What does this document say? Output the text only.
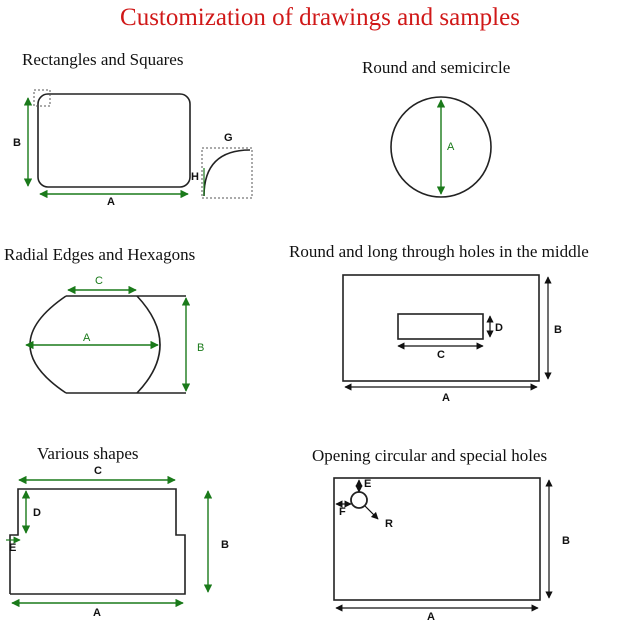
Customization of drawings and samples
Rectangles and Squares	Round and semicircle
Radial Edges and Hexagons	Round and long through holes in the middle
Various shapes	Opening circular and special holes
B
A
G
H
A
C
A
B
C
D	B
A
C
D
E	B
A
E
F
R
B
A
